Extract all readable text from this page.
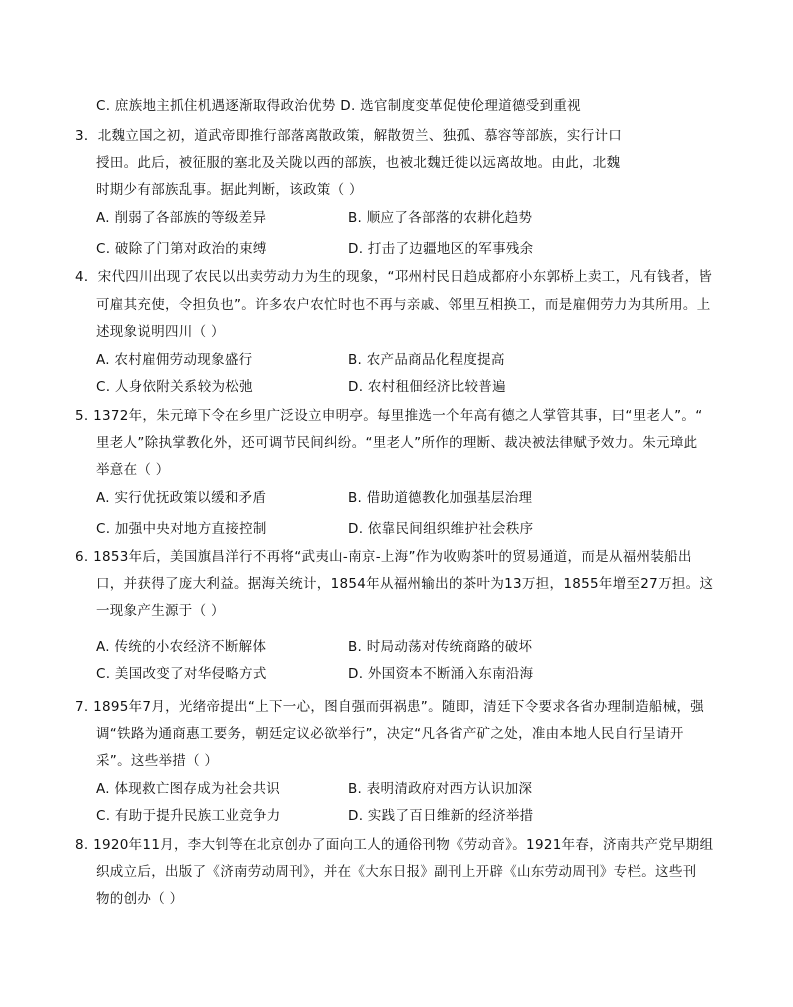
C. 庶族地主抓住机遇逐渐取得政治优势 D. 选官制度变革促使伦理道德受到重视
3．北魏立国之初，道武帝即推行部落离散政策，解散贺兰、独孤、慕容等部族，实行计口
授田。此后，被征服的塞北及关陇以西的部族，也被北魏迁徙以远离故地。由此，北魏
时期少有部族乱事。据此判断，该政策（ ）
A. 削弱了各部族的等级差异	B. 顺应了各部落的农耕化趋势
C. 破除了门第对政治的束缚	D. 打击了边疆地区的军事残余
4．宋代四川出现了农民以出卖劳动力为生的现象，“邛州村民日趋成都府小东郭桥上卖工，凡有钱者，皆
可雇其充使，令担负也”。许多农户农忙时也不再与亲戚、邻里互相换工，而是雇佣劳力为其所用。上
述现象说明四川（ ）
A. 农村雇佣劳动现象盛行	B. 农产品商品化程度提高
C. 人身依附关系较为松弛	D. 农村租佃经济比较普遍
5. 1372年，朱元璋下令在乡里广泛设立申明亭。每里推选一个年高有德之人掌管其事，曰“里老人”。“
里老人”除执掌教化外，还可调节民间纠纷。“里老人”所作的理断、裁决被法律赋予效力。朱元璋此
举意在（ ）
A. 实行优抚政策以缓和矛盾	B. 借助道德教化加强基层治理
C. 加强中央对地方直接控制	D. 依靠民间组织维护社会秩序
6. 1853年后，美国旗昌洋行不再将“武夷山-南京-上海”作为收购茶叶的贸易通道，而是从福州装船出
口，并获得了庞大利益。据海关统计，1854年从福州输出的茶叶为13万担，1855年增至27万担。这
一现象产生源于（ ）
A. 传统的小农经济不断解体	B. 时局动荡对传统商路的破坏
C. 美国改变了对华侵略方式	D. 外国资本不断涌入东南沿海
7. 1895年7月，光绪帝提出“上下一心，图自强而弭祸患”。随即，清廷下令要求各省办理制造船械，强
调“铁路为通商惠工要务，朝廷定议必欲举行”，决定“凡各省产矿之处，准由本地人民自行呈请开
采”。这些举措（ ）
A. 体现救亡图存成为社会共识	B. 表明清政府对西方认识加深
C. 有助于提升民族工业竞争力	D. 实践了百日维新的经济举措
8. 1920年11月，李大钊等在北京创办了面向工人的通俗刊物《劳动音》。1921年春，济南共产党早期组
织成立后，出版了《济南劳动周刊》，并在《大东日报》副刊上开辟《山东劳动周刊》专栏。这些刊
物的创办（ ）
